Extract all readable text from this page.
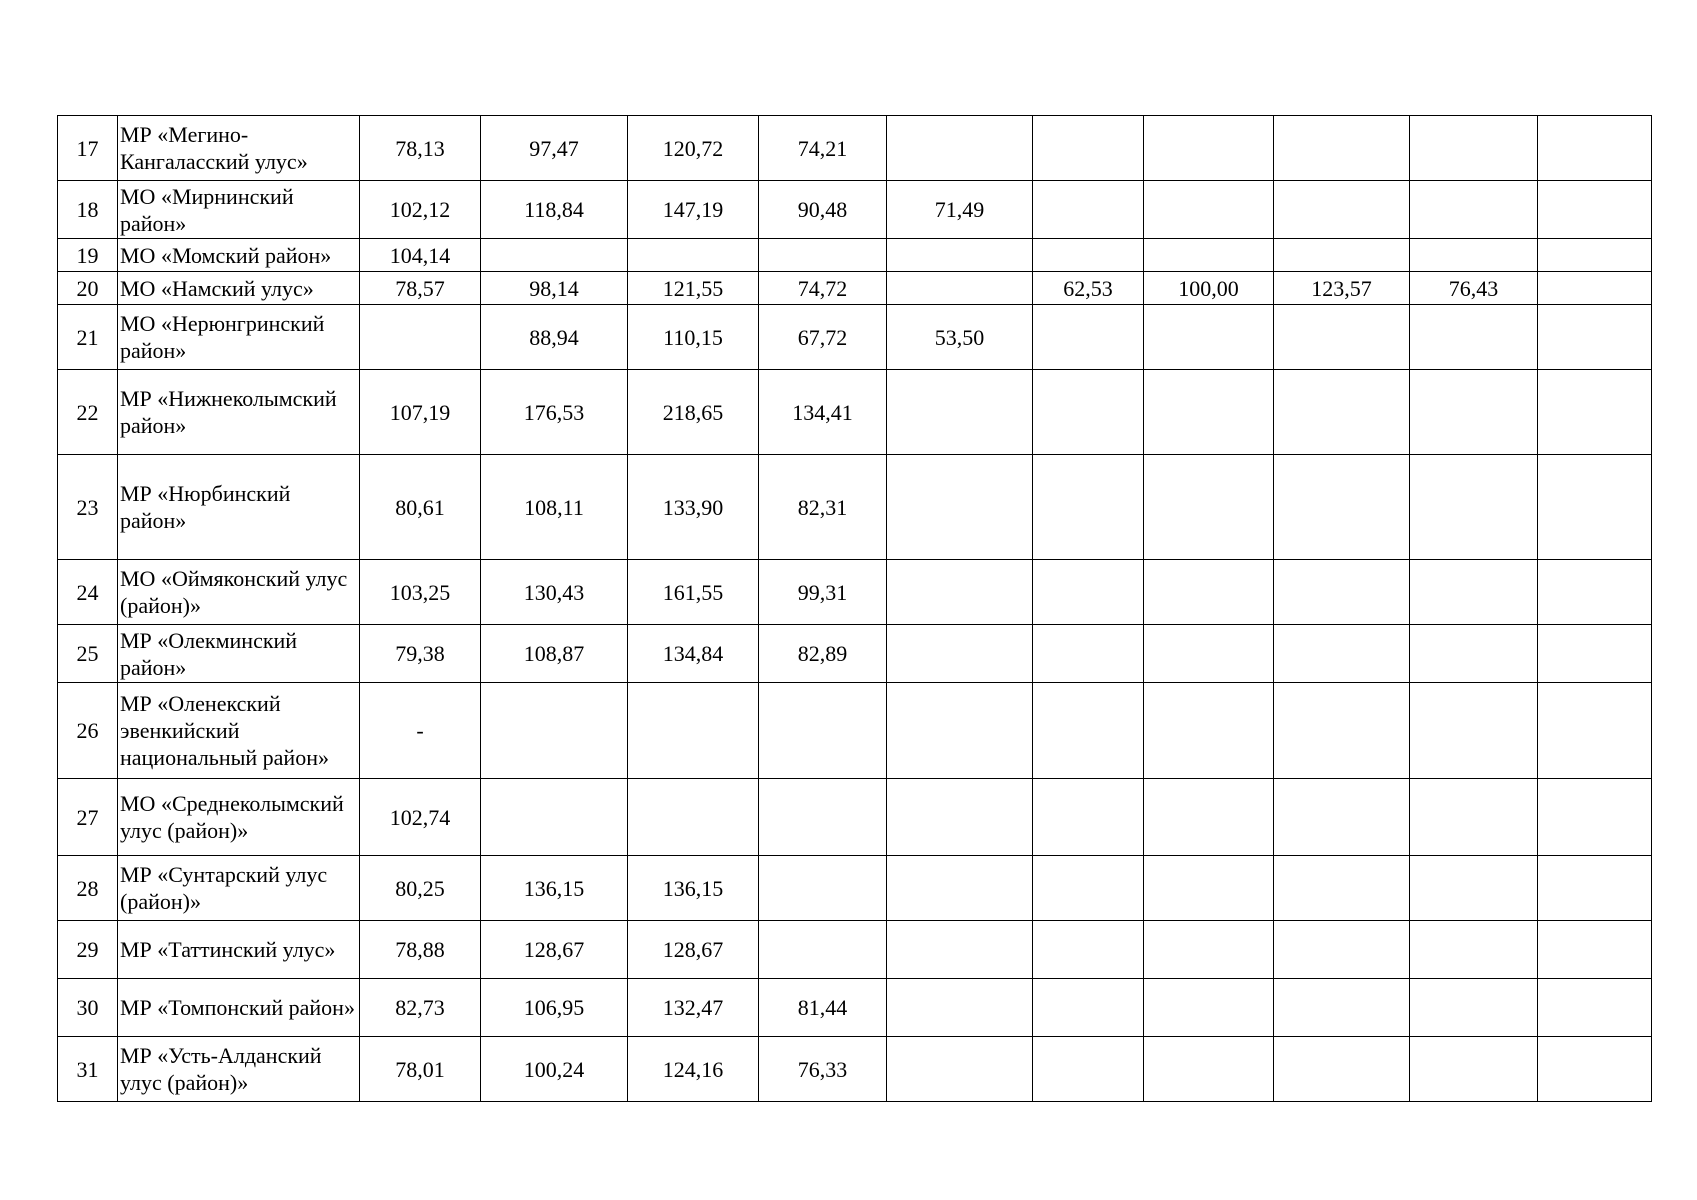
17	МР «Мегино-Кангаласский улус»	78,13	97,47	120,72	74,21						
18	МО «Мирнинский район»	102,12	118,84	147,19	90,48	71,49					
19	МО «Момский район»	104,14									
20	МО «Намский улус»	78,57	98,14	121,55	74,72		62,53	100,00	123,57	76,43	
21	МО «Нерюнгринский район»		88,94	110,15	67,72	53,50					
22	МР «Нижнеколымский район»	107,19	176,53	218,65	134,41						
23	МР «Нюрбинский район»	80,61	108,11	133,90	82,31						
24	МО «Оймяконский улус (район)»	103,25	130,43	161,55	99,31						
25	МР «Олекминский район»	79,38	108,87	134,84	82,89						
26	МР «Оленекский эвенкийский национальный район»	-									
27	МО «Среднеколымский улус (район)»	102,74									
28	МР «Сунтарский улус (район)»	80,25	136,15	136,15							
29	МР «Таттинский улус»	78,88	128,67	128,67							
30	МР «Томпонский район»	82,73	106,95	132,47	81,44						
31	МР «Усть-Алданский улус (район)»	78,01	100,24	124,16	76,33						
